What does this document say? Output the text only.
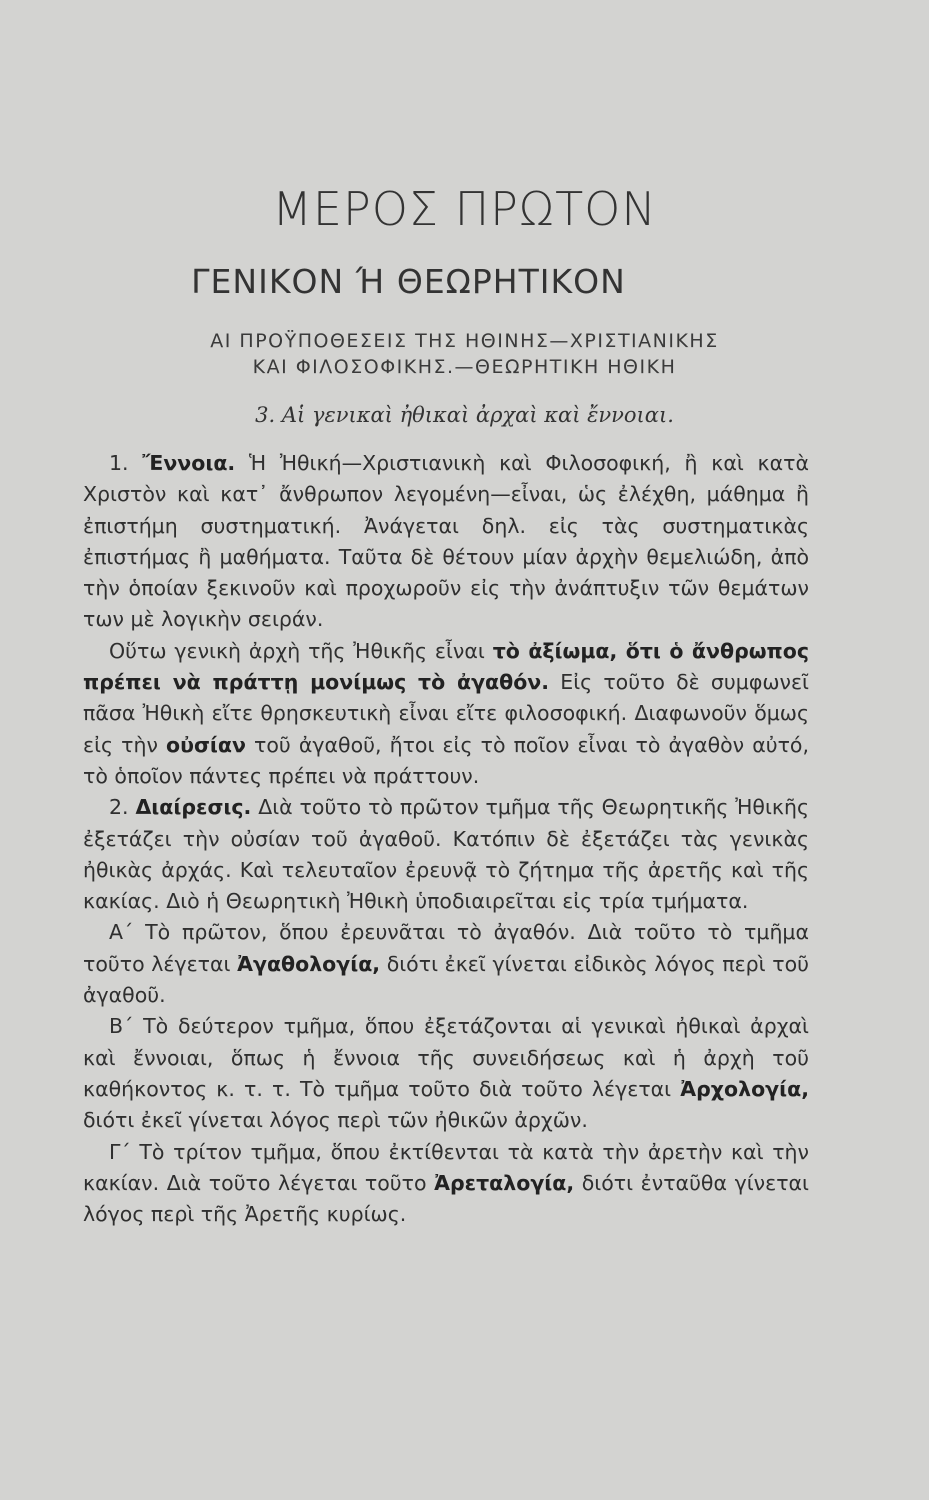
ΜΕΡΟΣ ΠΡΩΤΟΝ
ΓΕΝΙΚΟΝ Ή ΘΕΩΡΗΤΙΚΟΝ
ΑΙ ΠΡΟΫΠΟΘΕΣΕΙΣ ΤΗΣ ΗΘΙΝΗΣ—ΧΡΙΣΤΙΑΝΙΚΗΣ
ΚΑΙ ΦΙΛΟΣΟΦΙΚΗΣ.—ΘΕΩΡΗΤΙΚΗ ΗΘΙΚΗ
3. Αἱ γενικαὶ ἠθικαὶ ἀρχαὶ καὶ ἔννοιαι.

1. Ἔννοια. Ἡ Ἠθική—Χριστιανικὴ καὶ Φιλοσοφική, ἢ καὶ κατὰ Χριστὸν καὶ κατ᾿ ἄνθρωπον λεγομένη—εἶναι, ὡς ἐλέχθη, μάθημα ἢ ἐπιστήμη συστηματική. Ἀνάγεται δηλ. εἰς τὰς συστηματικὰς ἐπιστήμας ἢ μαθήματα. Ταῦτα δὲ θέτουν μίαν ἀρχὴν θεμελιώδη, ἀπὸ τὴν ὁποίαν ξεκινοῦν καὶ προχωροῦν εἰς τὴν ἀνάπτυξιν τῶν θεμάτων των μὲ λογικὴν σειράν.

Οὕτω γενικὴ ἀρχὴ τῆς Ἠθικῆς εἶναι τὸ ἀξίωμα, ὅτι ὁ ἄνθρωπος πρέπει νὰ πράττῃ μονίμως τὸ ἀγαθόν. Εἰς τοῦτο δὲ συμφωνεῖ πᾶσα Ἠθικὴ εἴτε θρησκευτικὴ εἶναι εἴτε φιλοσοφική. Διαφωνοῦν ὅμως εἰς τὴν οὐσίαν τοῦ ἀγαθοῦ, ἤτοι εἰς τὸ ποῖον εἶναι τὸ ἀγαθὸν αὐτό, τὸ ὁποῖον πάντες πρέπει νὰ πράττουν.

2. Διαίρεσις. Διὰ τοῦτο τὸ πρῶτον τμῆμα τῆς Θεωρητικῆς Ἠθικῆς ἐξετάζει τὴν οὐσίαν τοῦ ἀγαθοῦ. Κατόπιν δὲ ἐξετάζει τὰς γενικὰς ἠθικὰς ἀρχάς. Καὶ τελευταῖον ἐρευνᾷ τὸ ζήτημα τῆς ἀρετῆς καὶ τῆς κακίας. Διὸ ἡ Θεωρητικὴ Ἠθικὴ ὑποδιαιρεῖται εἰς τρία τμήματα.

Α΄ Τὸ πρῶτον, ὅπου ἐρευνᾶται τὸ ἀγαθόν. Διὰ τοῦτο τὸ τμῆμα τοῦτο λέγεται Ἀγαθολογία, διότι ἐκεῖ γίνεται εἰδικὸς λόγος περὶ τοῦ ἀγαθοῦ.

Β΄ Τὸ δεύτερον τμῆμα, ὅπου ἐξετάζονται αἱ γενικαὶ ἠθικαὶ ἀρχαὶ καὶ ἔννοιαι, ὅπως ἡ ἔννοια τῆς συνειδήσεως καὶ ἡ ἀρχὴ τοῦ καθήκοντος κ. τ. τ. Τὸ τμῆμα τοῦτο διὰ τοῦτο λέγεται Ἀρχολογία, διότι ἐκεῖ γίνεται λόγος περὶ τῶν ἠθικῶν ἀρχῶν.

Γ΄ Τὸ τρίτον τμῆμα, ὅπου ἐκτίθενται τὰ κατὰ τὴν ἀρετὴν καὶ τὴν κακίαν. Διὰ τοῦτο λέγεται τοῦτο Ἀρεταλογία, διότι ἐνταῦθα γίνεται λόγος περὶ τῆς Ἀρετῆς κυρίως.
